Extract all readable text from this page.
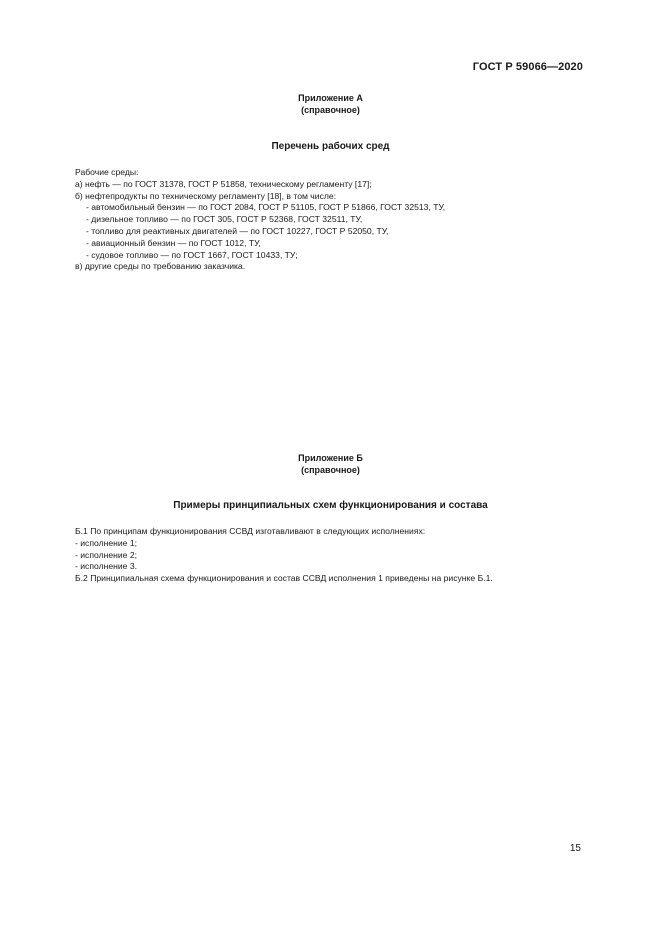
ГОСТ Р 59066—2020
Приложение А
(справочное)
Перечень рабочих сред
Рабочие среды:
а) нефть — по ГОСТ 31378, ГОСТ Р 51858, техническому регламенту [17];
б) нефтепродукты по техническому регламенту [18], в том числе:
- автомобильный бензин — по ГОСТ 2084, ГОСТ Р 51105, ГОСТ Р 51866, ГОСТ 32513, ТУ,
- дизельное топливо — по ГОСТ 305, ГОСТ Р 52368, ГОСТ 32511, ТУ,
- топливо для реактивных двигателей — по ГОСТ 10227, ГОСТ Р 52050, ТУ,
- авиационный бензин — по ГОСТ 1012, ТУ,
- судовое топливо — по ГОСТ 1667, ГОСТ 10433, ТУ;
в) другие среды по требованию заказчика.
Приложение Б
(справочное)
Примеры принципиальных схем функционирования и состава
Б.1 По принципам функционирования ССВД изготавливают в следующих исполнениях:
- исполнение 1;
- исполнение 2;
- исполнение 3.
Б.2 Принципиальная схема функционирования и состав ССВД исполнения 1 приведены на рисунке Б.1.
15
